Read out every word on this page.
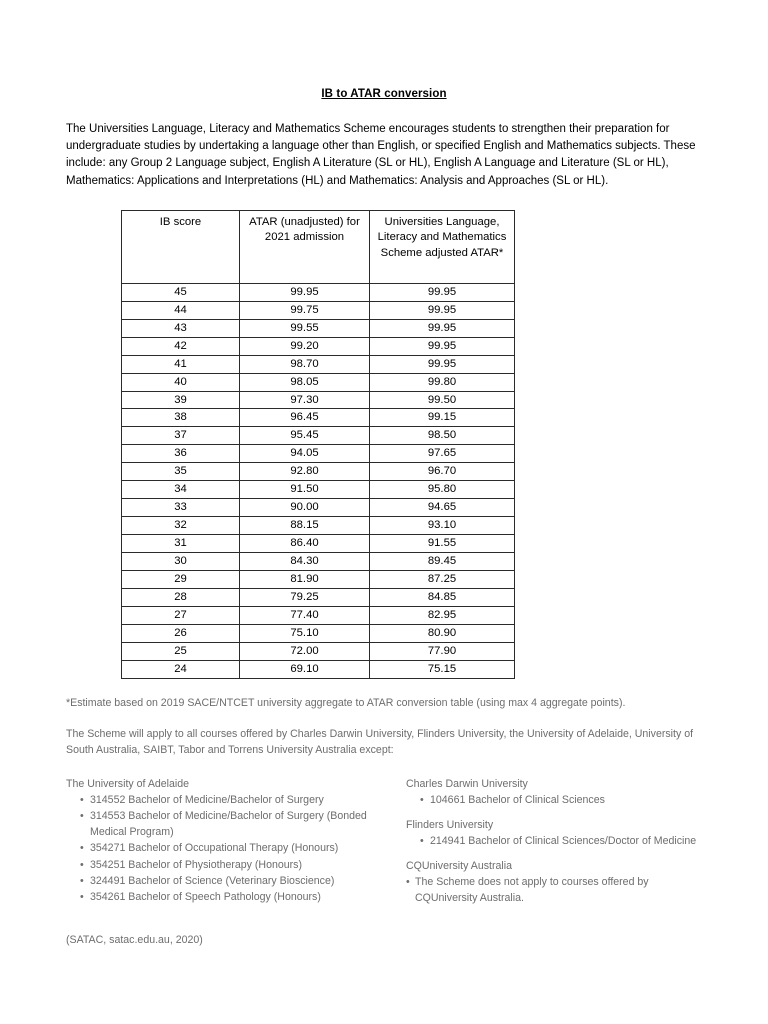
IB to ATAR conversion

The Universities Language, Literacy and Mathematics Scheme encourages students to strengthen their preparation for undergraduate studies by undertaking a language other than English, or specified English and Mathematics subjects. These include: any Group 2 Language subject, English A Literature (SL or HL), English A Language and Literature (SL or HL), Mathematics: Applications and Interpretations (HL) and Mathematics: Analysis and Approaches (SL or HL).

IB score	ATAR (unadjusted) for 2021 admission	Universities Language, Literacy and Mathematics Scheme adjusted ATAR*
45	99.95	99.95
44	99.75	99.95
43	99.55	99.95
42	99.20	99.95
41	98.70	99.95
40	98.05	99.80
39	97.30	99.50
38	96.45	99.15
37	95.45	98.50
36	94.05	97.65
35	92.80	96.70
34	91.50	95.80
33	90.00	94.65
32	88.15	93.10
31	86.40	91.55
30	84.30	89.45
29	81.90	87.25
28	79.25	84.85
27	77.40	82.95
26	75.10	80.90
25	72.00	77.90
24	69.10	75.15

*Estimate based on 2019 SACE/NTCET university aggregate to ATAR conversion table (using max 4 aggregate points).

The Scheme will apply to all courses offered by Charles Darwin University, Flinders University, the University of Adelaide, University of South Australia, SAIBT, Tabor and Torrens University Australia except:

The University of Adelaide

• 314552 Bachelor of Medicine/Bachelor of Surgery
• 314553 Bachelor of Medicine/Bachelor of Surgery (Bonded Medical Program)
• 354271 Bachelor of Occupational Therapy (Honours)
• 354251 Bachelor of Physiotherapy (Honours)
• 324491 Bachelor of Science (Veterinary Bioscience)
• 354261 Bachelor of Speech Pathology (Honours)

Charles Darwin University

• 104661 Bachelor of Clinical Sciences

Flinders University

• 214941 Bachelor of Clinical Sciences/Doctor of Medicine

CQUniversity Australia

• The Scheme does not apply to courses offered by CQUniversity Australia.

(SATAC, satac.edu.au, 2020)
